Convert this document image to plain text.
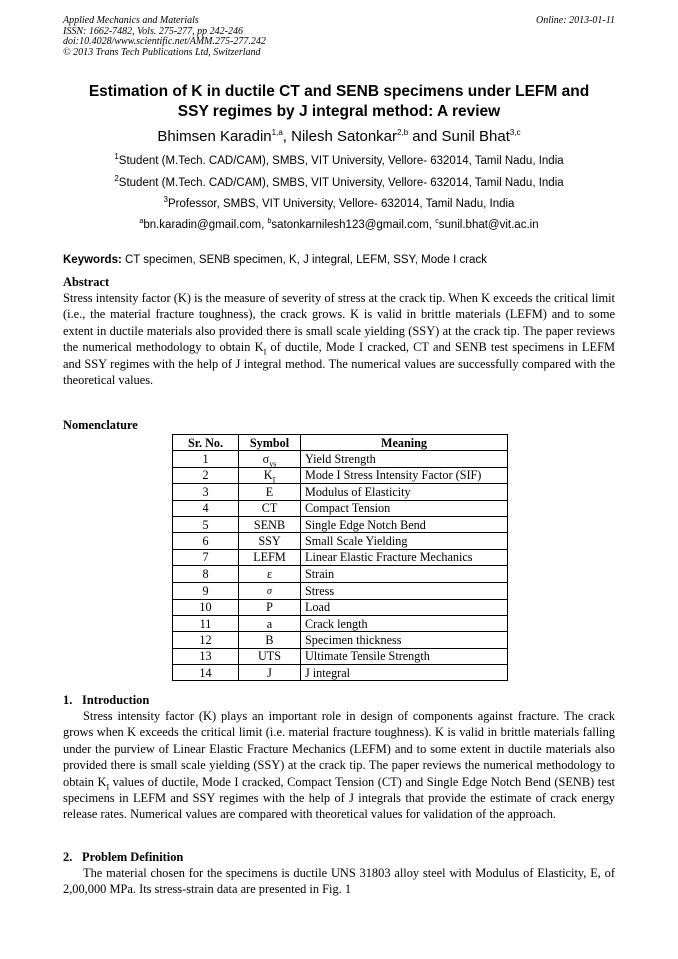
Applied Mechanics and Materials
ISSN: 1662-7482, Vols. 275-277, pp 242-246
doi:10.4028/www.scientific.net/AMM.275-277.242
© 2013 Trans Tech Publications Ltd, Switzerland
Online: 2013-01-11
Estimation of K in ductile CT and SENB specimens under LEFM and
SSY regimes by J integral method: A review
Bhimsen Karadin$^{1,a}$, Nilesh Satonkar$^{2,b}$ and Sunil Bhat$^{3,c}$
$^1$Student (M.Tech. CAD/CAM), SMBS, VIT University, Vellore- 632014, Tamil Nadu, India
$^2$Student (M.Tech. CAD/CAM), SMBS, VIT University, Vellore- 632014, Tamil Nadu, India
$^3$Professor, SMBS, VIT University, Vellore- 632014, Tamil Nadu, India
$^a$bn.karadin@gmail.com, $^b$satonkarnilesh123@gmail.com, $^c$sunil.bhat@vit.ac.in
Keywords: CT specimen, SENB specimen, K, J integral, LEFM, SSY, Mode I crack
Abstract
Stress intensity factor (K) is the measure of severity of stress at the crack tip. When K exceeds the critical limit (i.e., the material fracture toughness), the crack grows. K is valid in brittle materials (LEFM) and to some extent in ductile materials also provided there is small scale yielding (SSY) at the crack tip. The paper reviews the numerical methodology to obtain $K_I$ of ductile, Mode I cracked, CT and SENB test specimens in LEFM and SSY regimes with the help of J integral method. The numerical values are successfully compared with the theoretical values.
Nomenclature
Sr. No.	Symbol	Meaning
1	$\sigma_{ys}$	Yield Strength
2	$K_I$	Mode I Stress Intensity Factor (SIF)
3	E	Modulus of Elasticity
4	CT	Compact Tension
5	SENB	Single Edge Notch Bend
6	SSY	Small Scale Yielding
7	LEFM	Linear Elastic Fracture Mechanics
8	ε	Strain
9	σ	Stress
10	P	Load
11	a	Crack length
12	B	Specimen thickness
13	UTS	Ultimate Tensile Strength
14	J	J integral
1. Introduction
Stress intensity factor (K) plays an important role in design of components against fracture. The crack grows when K exceeds the critical limit (i.e. material fracture toughness). K is valid in brittle materials falling under the purview of Linear Elastic Fracture Mechanics (LEFM) and to some extent in ductile materials also provided there is small scale yielding (SSY) at the crack tip. The paper reviews the numerical methodology to obtain $K_I$ values of ductile, Mode I cracked, Compact Tension (CT) and Single Edge Notch Bend (SENB) test specimens in LEFM and SSY regimes with the help of J integrals that provide the estimate of crack energy release rates. Numerical values are compared with theoretical values for validation of the approach.
2. Problem Definition
The material chosen for the specimens is ductile UNS 31803 alloy steel with Modulus of Elasticity, E, of 2,00,000 MPa. Its stress-strain data are presented in Fig. 1
